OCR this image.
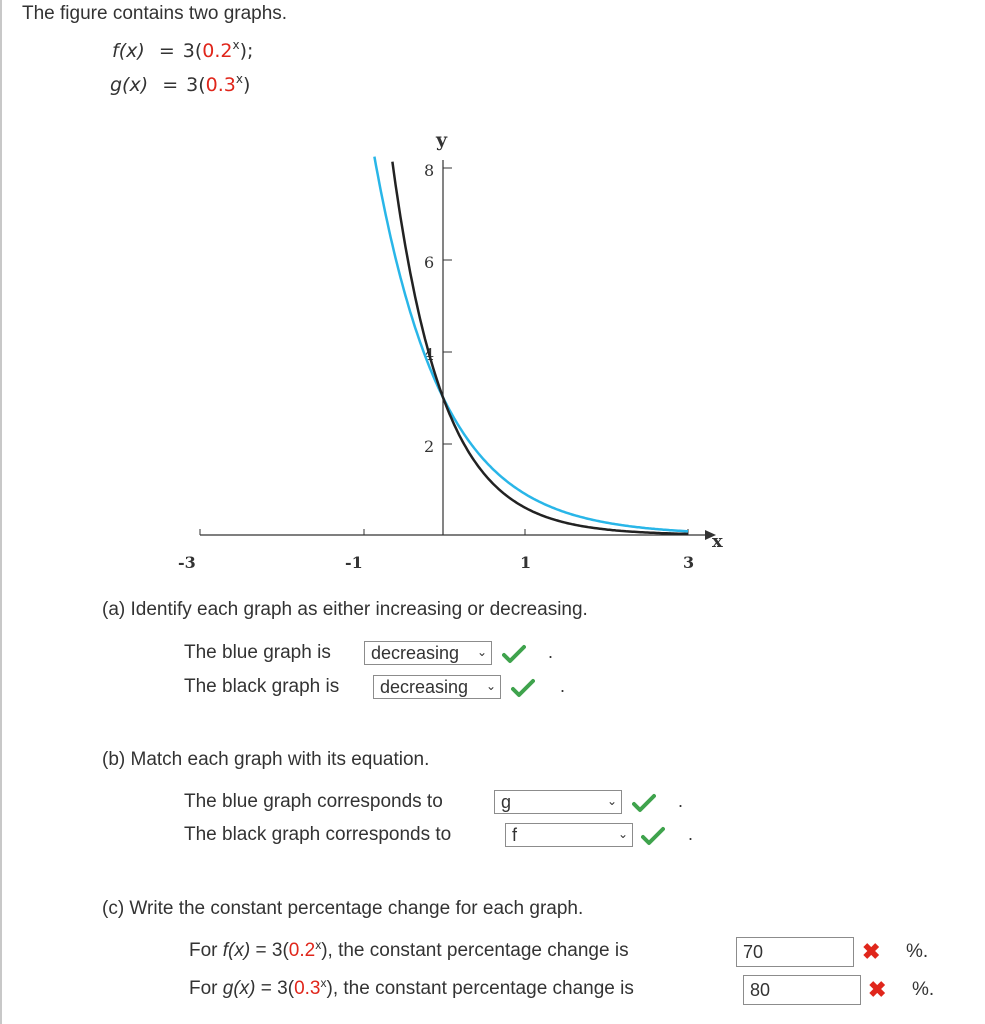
The figure contains two graphs.
$f(x) = 3(0.2^x)$;
$g(x) = 3(0.3^x)$
y
x
8
6
4
2
-3	-1	1	3
(a) Identify each graph as either increasing or decreasing.
The blue graph is	decreasing ⌄	.
The black graph is	decreasing ⌄	.
(b) Match each graph with its equation.
The blue graph corresponds to	g	⌄	.
The black graph corresponds to	f	⌄	.
(c) Write the constant percentage change for each graph.
For $f(x) = 3(0.2^x)$, the constant percentage change is	70	✖ %.
For $g(x) = 3(0.3^x)$, the constant percentage change is	80	✖ %.
